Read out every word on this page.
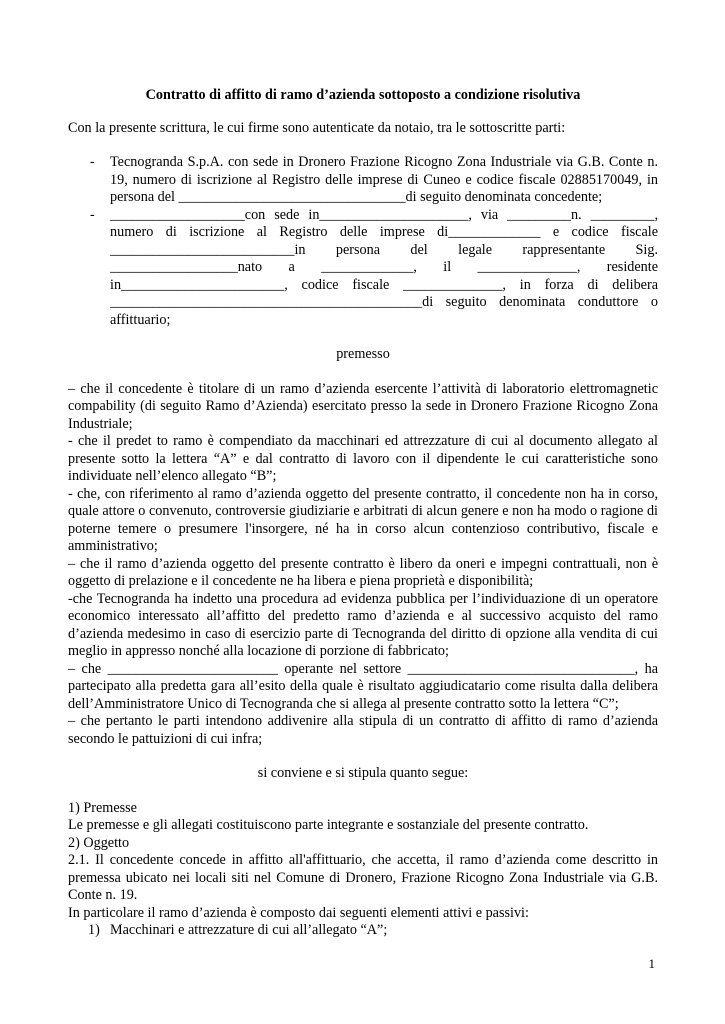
Contratto di affitto di ramo d’azienda sottoposto a condizione risolutiva

Con la presente scrittura, le cui firme sono autenticate da notaio, tra le sottoscritte parti:

- Tecnogranda S.p.A. con sede in Dronero Frazione Ricogno Zona Industriale via G.B. Conte n. 19, numero di iscrizione al Registro delle imprese di Cuneo e codice fiscale 02885170049, in persona del ________________________________di seguito denominata concedente;
- ___________________con sede in_____________________, via _________n. _________, numero di iscrizione al Registro delle imprese di_____________ e codice fiscale __________________________in persona del legale rappresentante Sig. __________________nato a _____________, il ______________, residente in_______________________, codice fiscale ______________, in forza di delibera ____________________________________________di seguito denominata conduttore o affittuario;

premesso

– che il concedente è titolare di un ramo d’azienda esercente l’attività di laboratorio elettromagnetic compability (di seguito Ramo d’Azienda) esercitato presso la sede in Dronero Frazione Ricogno Zona Industriale;

- che il predet to ramo è compendiato da macchinari ed attrezzature di cui al documento allegato al presente sotto la lettera “A” e dal contratto di lavoro con il dipendente le cui caratteristiche sono individuate nell’elenco allegato “B”;

- che, con riferimento al ramo d’azienda oggetto del presente contratto, il concedente non ha in corso, quale attore o convenuto, controversie giudiziarie e arbitrati di alcun genere e non ha modo o ragione di poterne temere o presumere l'insorgere, né ha in corso alcun contenzioso contributivo, fiscale e amministrativo;

– che il ramo d’azienda oggetto del presente contratto è libero da oneri e impegni contrattuali, non è oggetto di prelazione e il concedente ne ha libera e piena proprietà e disponibilità;

-che Tecnogranda ha indetto una procedura ad evidenza pubblica per l’individuazione di un operatore economico interessato all’affitto del predetto ramo d’azienda e al successivo acquisto del ramo d’azienda medesimo in caso di esercizio parte di Tecnogranda del diritto di opzione alla vendita di cui meglio in appresso nonché alla locazione di porzione di fabbricato;

– che ________________________ operante nel settore ________________________________, ha partecipato alla predetta gara all’esito della quale è risultato aggiudicatario come risulta dalla delibera dell’Amministratore Unico di Tecnogranda che si allega al presente contratto sotto la lettera “C”;

– che pertanto le parti intendono addivenire alla stipula di un contratto di affitto di ramo d’azienda secondo le pattuizioni di cui infra;

si conviene e si stipula quanto segue:

1) Premesse

Le premesse e gli allegati costituiscono parte integrante e sostanziale del presente contratto.

2) Oggetto

2.1. Il concedente concede in affitto all'affittuario, che accetta, il ramo d’azienda come descritto in premessa ubicato nei locali siti nel Comune di Dronero, Frazione Ricogno Zona Industriale via G.B. Conte n. 19.

In particolare il ramo d’azienda è composto dai seguenti elementi attivi e passivi:

1) Macchinari e attrezzature di cui all’allegato “A”;
1
